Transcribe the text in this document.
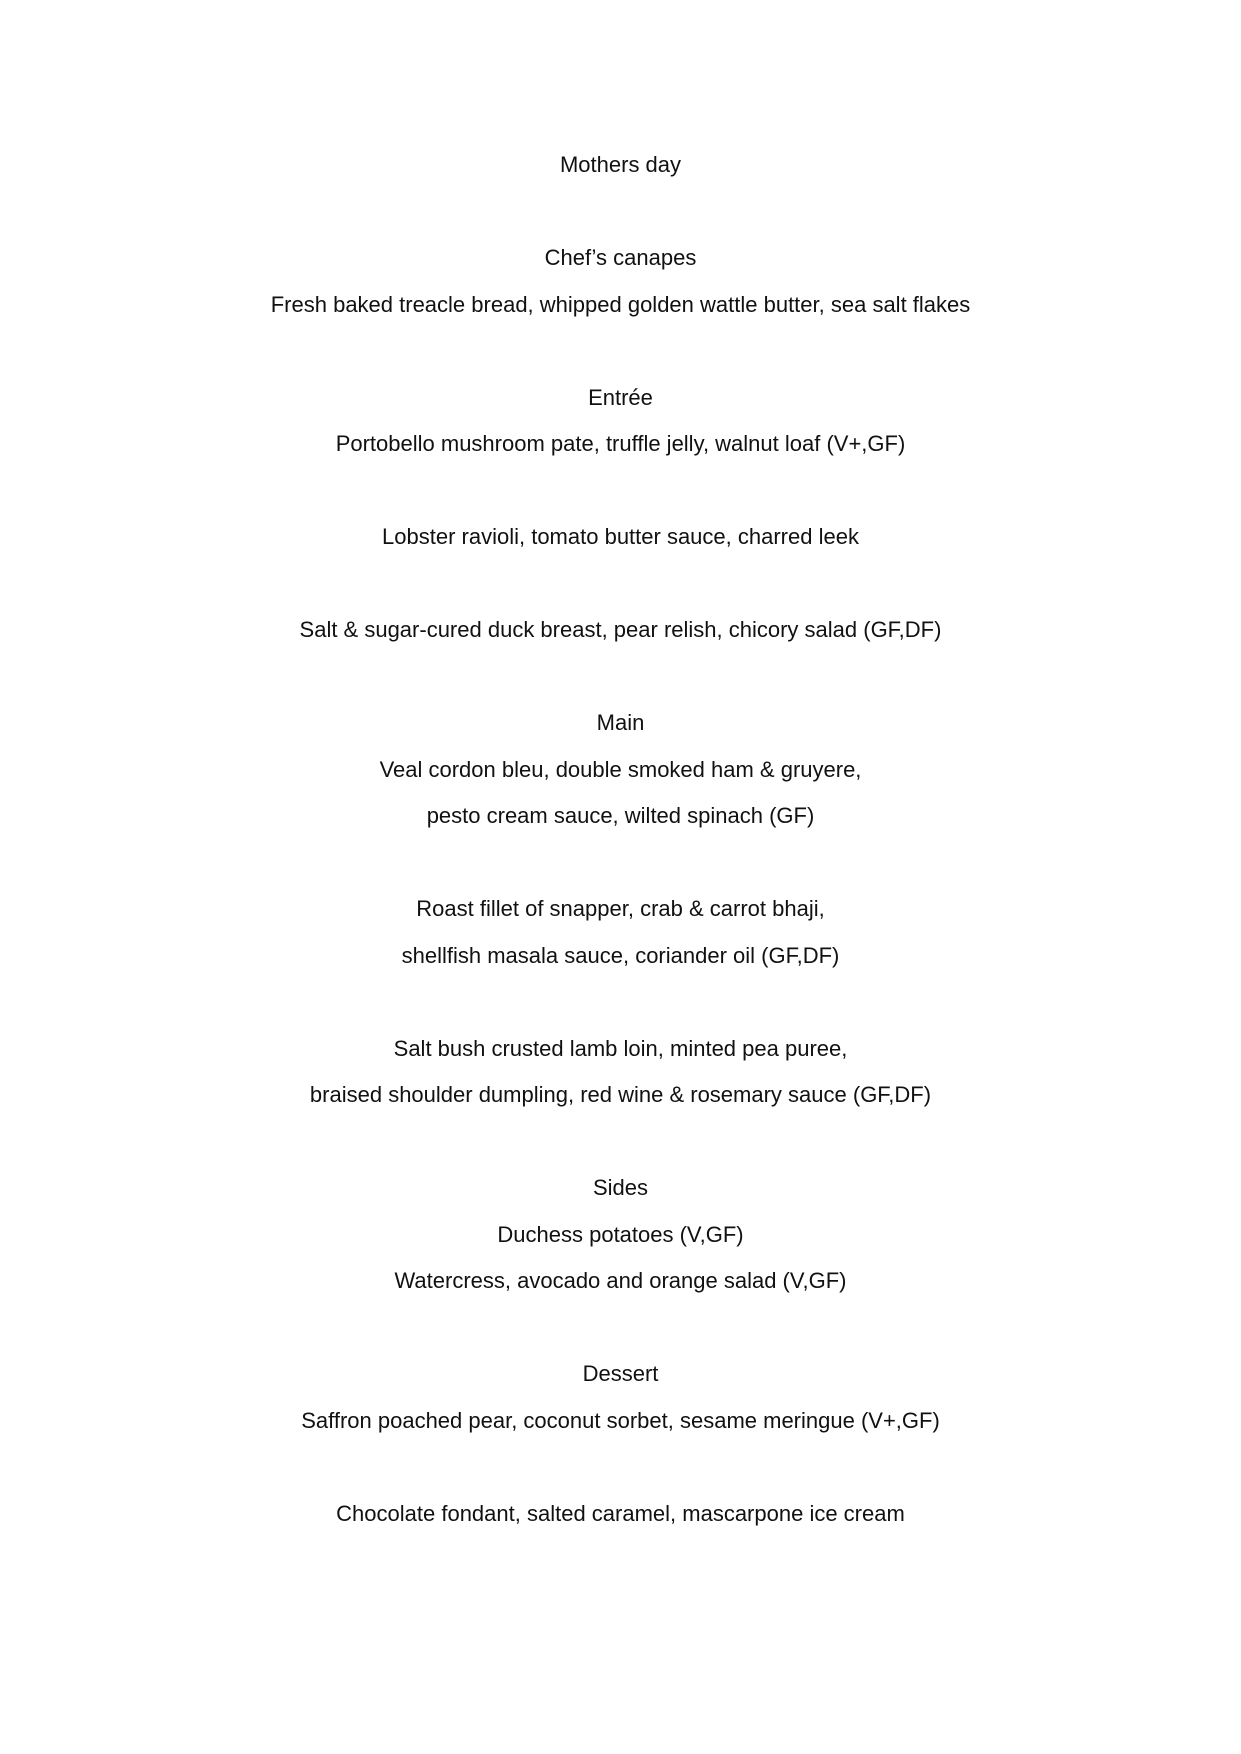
Mothers day
Chef’s canapes
Fresh baked treacle bread, whipped golden wattle butter, sea salt flakes
Entrée
Portobello mushroom pate, truffle jelly, walnut loaf (V+,GF)
Lobster ravioli, tomato butter sauce, charred leek
Salt & sugar-cured duck breast, pear relish, chicory salad (GF,DF)
Main
Veal cordon bleu, double smoked ham & gruyere,
pesto cream sauce, wilted spinach (GF)
Roast fillet of snapper, crab & carrot bhaji,
shellfish masala sauce, coriander oil (GF,DF)
Salt bush crusted lamb loin, minted pea puree,
braised shoulder dumpling, red wine & rosemary sauce (GF,DF)
Sides
Duchess potatoes (V,GF)
Watercress, avocado and orange salad (V,GF)
Dessert
Saffron poached pear, coconut sorbet, sesame meringue (V+,GF)
Chocolate fondant, salted caramel, mascarpone ice cream
